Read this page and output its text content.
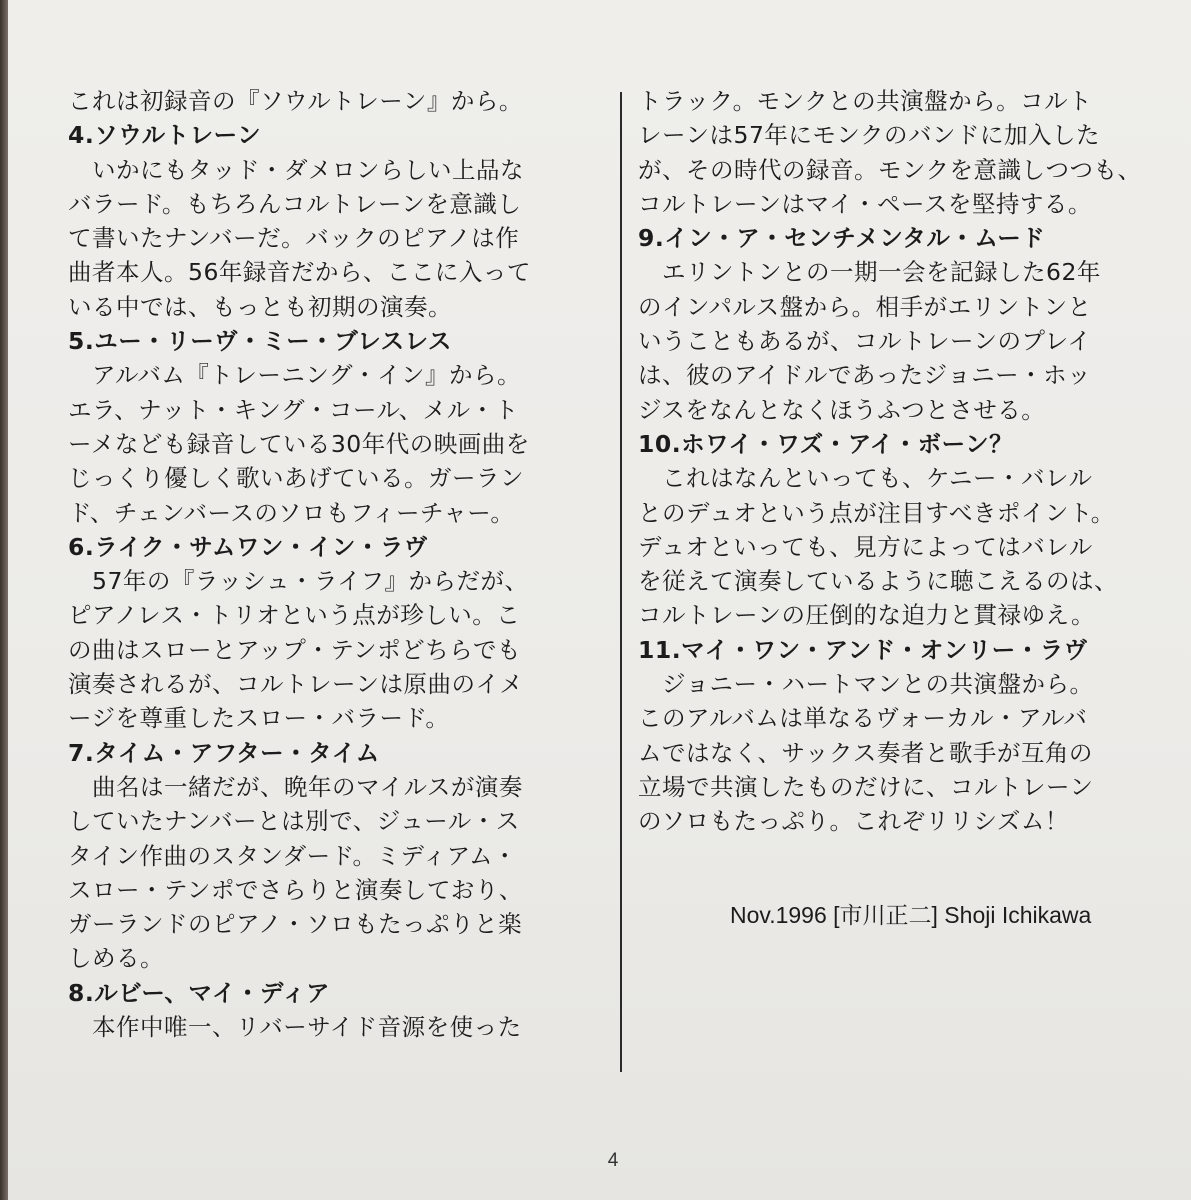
これは初録音の『ソウルトレーン』から。
4.ソウルトレーン
　いかにもタッド・ダメロンらしい上品な
バラード。もちろんコルトレーンを意識し
て書いたナンバーだ。バックのピアノは作
曲者本人。56年録音だから、ここに入って
いる中では、もっとも初期の演奏。
5.ユー・リーヴ・ミー・ブレスレス
　アルバム『トレーニング・イン』から。
エラ、ナット・キング・コール、メル・ト
ーメなども録音している30年代の映画曲を
じっくり優しく歌いあげている。ガーラン
ド、チェンバースのソロもフィーチャー。
6.ライク・サムワン・イン・ラヴ
　57年の『ラッシュ・ライフ』からだが、
ピアノレス・トリオという点が珍しい。こ
の曲はスローとアップ・テンポどちらでも
演奏されるが、コルトレーンは原曲のイメ
ージを尊重したスロー・バラード。
7.タイム・アフター・タイム
　曲名は一緒だが、晩年のマイルスが演奏
していたナンバーとは別で、ジュール・ス
タイン作曲のスタンダード。ミディアム・
スロー・テンポでさらりと演奏しており、
ガーランドのピアノ・ソロもたっぷりと楽
しめる。
8.ルビー、マイ・ディア
　本作中唯一、リバーサイド音源を使った
トラック。モンクとの共演盤から。コルト
レーンは57年にモンクのバンドに加入した
が、その時代の録音。モンクを意識しつつも、
コルトレーンはマイ・ペースを堅持する。
9.イン・ア・センチメンタル・ムード
　エリントンとの一期一会を記録した62年
のインパルス盤から。相手がエリントンと
いうこともあるが、コルトレーンのプレイ
は、彼のアイドルであったジョニー・ホッ
ジスをなんとなくほうふつとさせる。
10.ホワイ・ワズ・アイ・ボーン？
　これはなんといっても、ケニー・バレル
とのデュオという点が注目すべきポイント。
デュオといっても、見方によってはバレル
を従えて演奏しているように聴こえるのは、
コルトレーンの圧倒的な迫力と貫禄ゆえ。
11.マイ・ワン・アンド・オンリー・ラヴ
　ジョニー・ハートマンとの共演盤から。
このアルバムは単なるヴォーカル・アルバ
ムではなく、サックス奏者と歌手が互角の
立場で共演したものだけに、コルトレーン
のソロもたっぷり。これぞリリシズム！
Nov.1996 [市川正二] Shoji Ichikawa
4
